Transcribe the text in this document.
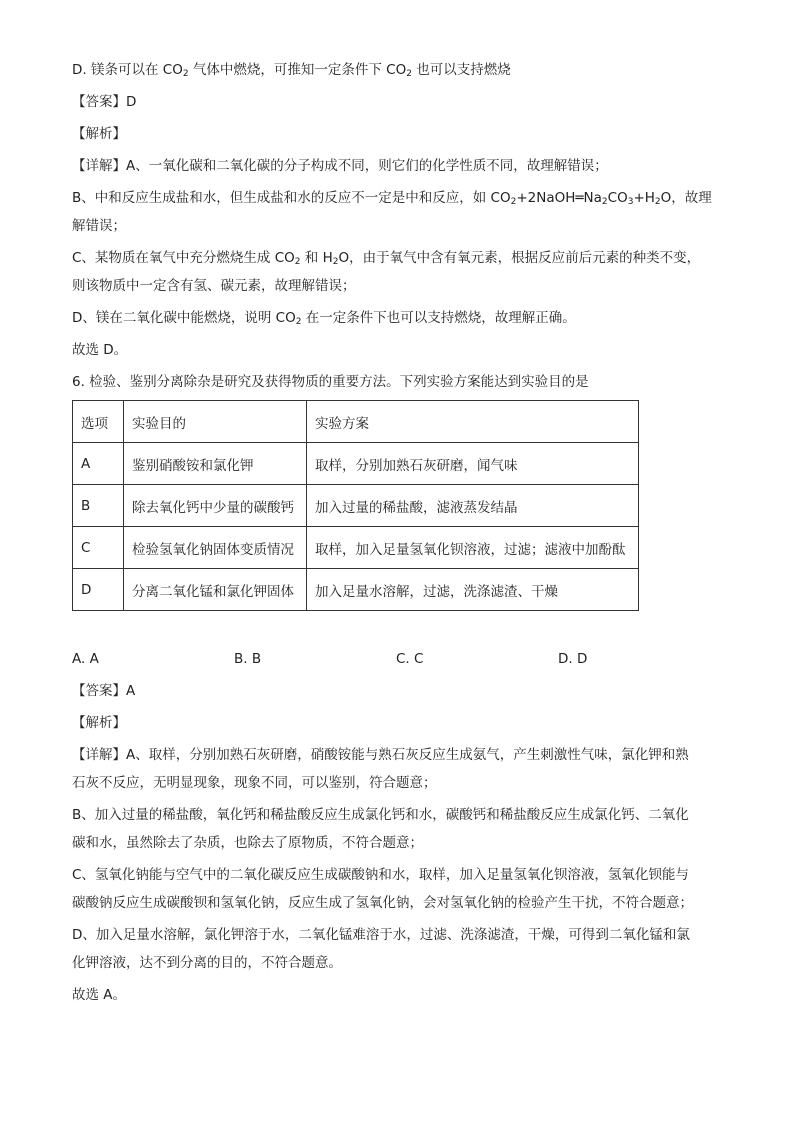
D. 镁条可以在 $CO_2$ 气体中燃烧，可推知一定条件下 $CO_2$ 也可以支持燃烧

【答案】D

【解析】

【详解】A、一氧化碳和二氧化碳的分子构成不同，则它们的化学性质不同，故理解错误；

B、中和反应生成盐和水，但生成盐和水的反应不一定是中和反应，如 $CO_2+2NaOH═Na_2CO_3+H_2O$，故理

解错误；

C、某物质在氧气中充分燃烧生成 $CO_2$ 和 $H_2O$，由于氧气中含有氧元素，根据反应前后元素的种类不变，

则该物质中一定含有氢、碳元素，故理解错误；

D、镁在二氧化碳中能燃烧，说明 $CO_2$ 在一定条件下也可以支持燃烧，故理解正确。

故选 D。

6. 检验、鉴别分离除杂是研究及获得物质的重要方法。下列实验方案能达到实验目的是

选项	实验目的	实验方案
A	鉴别硝酸铵和氯化钾	取样，分别加熟石灰研磨，闻气味
B	除去氧化钙中少量的碳酸钙	加入过量的稀盐酸，滤液蒸发结晶
C	检验氢氧化钠固体变质情况	取样，加入足量氢氧化钡溶液，过滤；滤液中加酚酞
D	分离二氧化锰和氯化钾固体	加入足量水溶解，过滤，洗涤滤渣、干燥
A. A	B. B	C. C	D. D

【答案】A

【解析】

【详解】A、取样，分别加熟石灰研磨，硝酸铵能与熟石灰反应生成氨气，产生刺激性气味，氯化钾和熟

石灰不反应，无明显现象，现象不同，可以鉴别，符合题意；

B、加入过量的稀盐酸，氧化钙和稀盐酸反应生成氯化钙和水，碳酸钙和稀盐酸反应生成氯化钙、二氧化

碳和水，虽然除去了杂质，也除去了原物质，不符合题意；

C、氢氧化钠能与空气中的二氧化碳反应生成碳酸钠和水，取样，加入足量氢氧化钡溶液，氢氧化钡能与

碳酸钠反应生成碳酸钡和氢氧化钠，反应生成了氢氧化钠，会对氢氧化钠的检验产生干扰，不符合题意；

D、加入足量水溶解，氯化钾溶于水，二氧化锰难溶于水，过滤、洗涤滤渣，干燥，可得到二氧化锰和氯

化钾溶液，达不到分离的目的，不符合题意。

故选 A。
